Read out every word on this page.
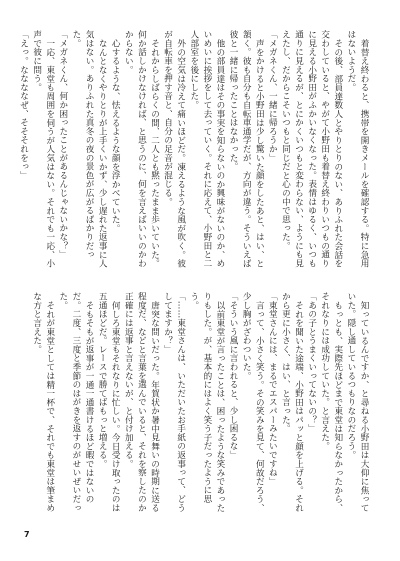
着替え終わると、携帯を開きメールを確認する。特に急用はないようだ。

その後、部員達数人とやりとりのない、ありふれた会話を交わしていると、やがて小野田も着替え終わりいつもの通りに見える小野田がふかいなくなった。表情はゆるく、いつも通りに見えるが、とにかくいつもと変わらない、ようにも見えたし、だからこそいつもと同じだと心の中で思った。

「メガネくん、一緒に帰ろうか」

声をかけると小野田は少し驚いた顔をしたあと、はい、と頷く。彼も自分も自転車通学だが、方向が違う。そういえば彼と一緒に帰ったことはなかった。

他の部員達はその事実を知らないのか興味がないのか、めいめいに挨拶をして去っていく。それに応えて、小野田と二人部室を後にした。

外の空気は冷えて痛いほどだ。凍えるような風が吹く。彼が自転車を押す音と、自分の足音が混じる。

それからしばらくの間、二人とも黙ったまま歩いていた。何か話しかけなければ、と思うのに、何を言えばいいのかわからない。

心するような、怯えるような顔を浮かべていた。

なんとなくやりとりが上手くいかず、少し遅れた返事に人気はない。ありふれた真冬の夜の景色が広がるばかりだった。

「メガネくん、何か困ったことがあるんじゃないかな？」

一応、東堂も周囲を伺うが人気はない。それでも一応、小声で彼に問う。

「えっ。ななななぜ、そそそれをっ」

知っているんですか、と尋ねる小野田は大仰に焦っていた。隠し通しているつもりなのだろう。

もっとも、実際先ほどまで東堂は知らなかったから、それなりには成功していた。と言えた。

「あの子とうまくいってないの？」

それを聞いた途端、小野田はパッと顔を上げる。それから更に小さく、はい、と言った。

「東堂さんには、まるでエスパーみたいですね」

言って、小さく笑う。その笑みを見て、何故だろう、少し胸がざわついた。

「そういう風に言われると、少し困るな」

以前東堂が言ったことは、困ったような笑みであったりもした。が、基本的にはよく笑う子だったように思う。

「……東堂さんは、いただいたお手紙の返事って、どうしてますか？」

唐突な問いだった。年賀状か暑中見舞いの時期に送る程度だ、などと言葉を選んでいると、それを察したのか正確には返事と言えないが、と付け加える。

何しろ東堂もそれなりに忙しい。今日受け取ったのは五通ほどだ。レースで勝てばもっと増える。

そもそもが返事が一通一通書けるほど暇ではないのだ。二度、三度と季節のはがきを返すのがせいぜいだった。

それが東堂としては精一杯で、それでも東堂は筆まめな方と言えた。

7
